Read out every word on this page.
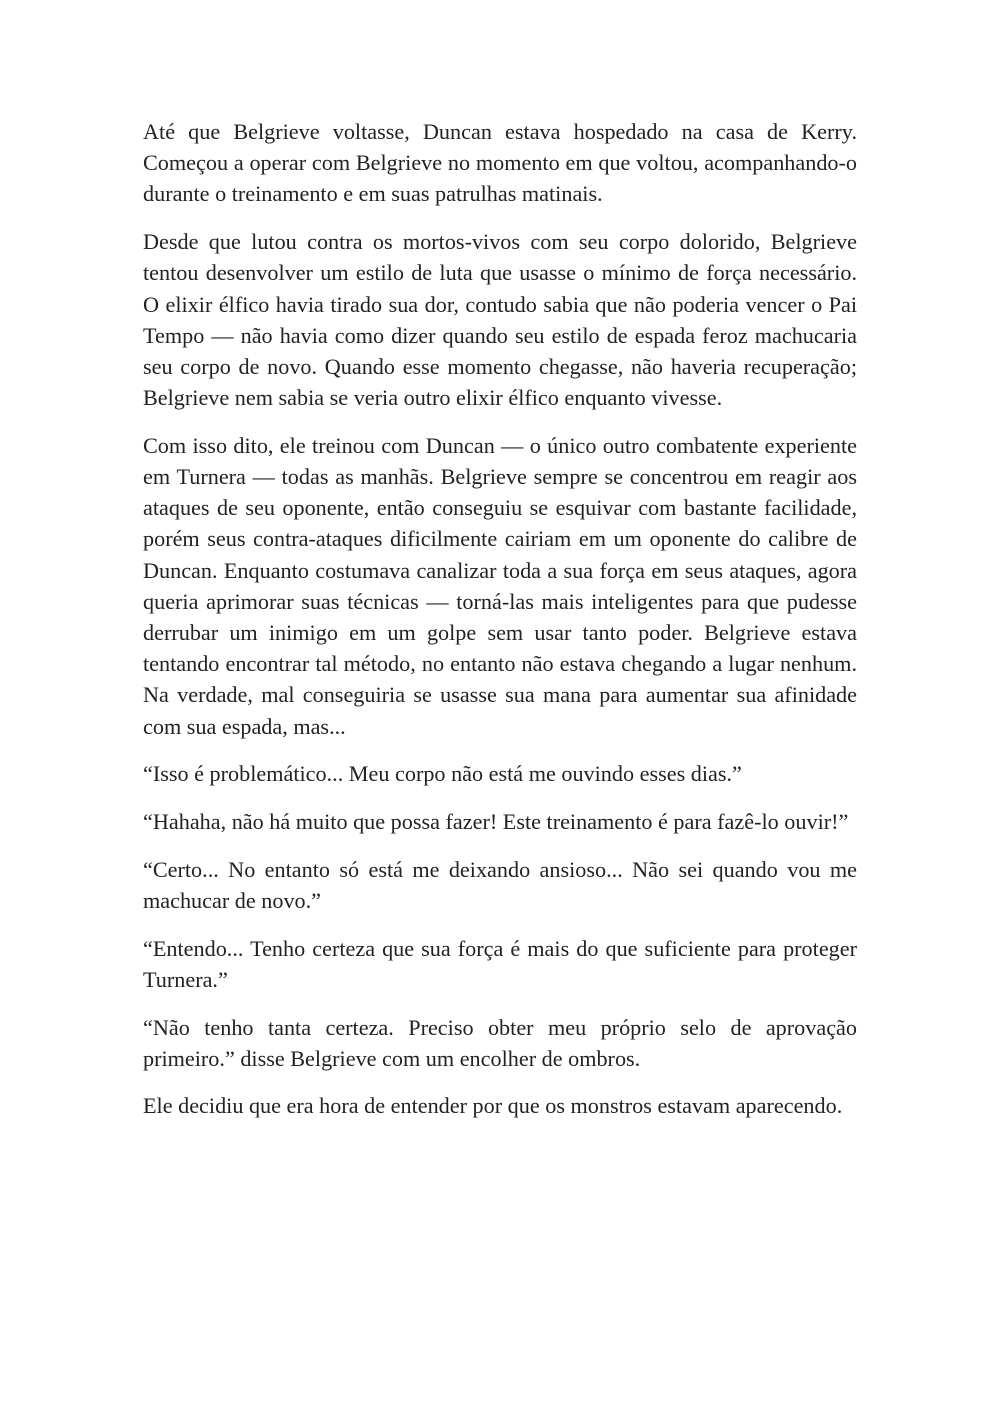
Até que Belgrieve voltasse, Duncan estava hospedado na casa de Kerry. Começou a operar com Belgrieve no momento em que voltou, acompanhando-o durante o treinamento e em suas patrulhas matinais.

Desde que lutou contra os mortos-vivos com seu corpo dolorido, Belgrieve tentou desenvolver um estilo de luta que usasse o mínimo de força necessário. O elixir élfico havia tirado sua dor, contudo sabia que não poderia vencer o Pai Tempo — não havia como dizer quando seu estilo de espada feroz machucaria seu corpo de novo. Quando esse momento chegasse, não haveria recuperação; Belgrieve nem sabia se veria outro elixir élfico enquanto vivesse.

Com isso dito, ele treinou com Duncan — o único outro combatente experiente em Turnera — todas as manhãs. Belgrieve sempre se concentrou em reagir aos ataques de seu oponente, então conseguiu se esquivar com bastante facilidade, porém seus contra-ataques dificilmente cairiam em um oponente do calibre de Duncan. Enquanto costumava canalizar toda a sua força em seus ataques, agora queria aprimorar suas técnicas — torná-las mais inteligentes para que pudesse derrubar um inimigo em um golpe sem usar tanto poder. Belgrieve estava tentando encontrar tal método, no entanto não estava chegando a lugar nenhum. Na verdade, mal conseguiria se usasse sua mana para aumentar sua afinidade com sua espada, mas...

“Isso é problemático... Meu corpo não está me ouvindo esses dias.”

“Hahaha, não há muito que possa fazer! Este treinamento é para fazê-lo ouvir!”

“Certo... No entanto só está me deixando ansioso... Não sei quando vou me machucar de novo.”

“Entendo... Tenho certeza que sua força é mais do que suficiente para proteger Turnera.”

“Não tenho tanta certeza. Preciso obter meu próprio selo de aprovação primeiro.” disse Belgrieve com um encolher de ombros.

Ele decidiu que era hora de entender por que os monstros estavam aparecendo.
